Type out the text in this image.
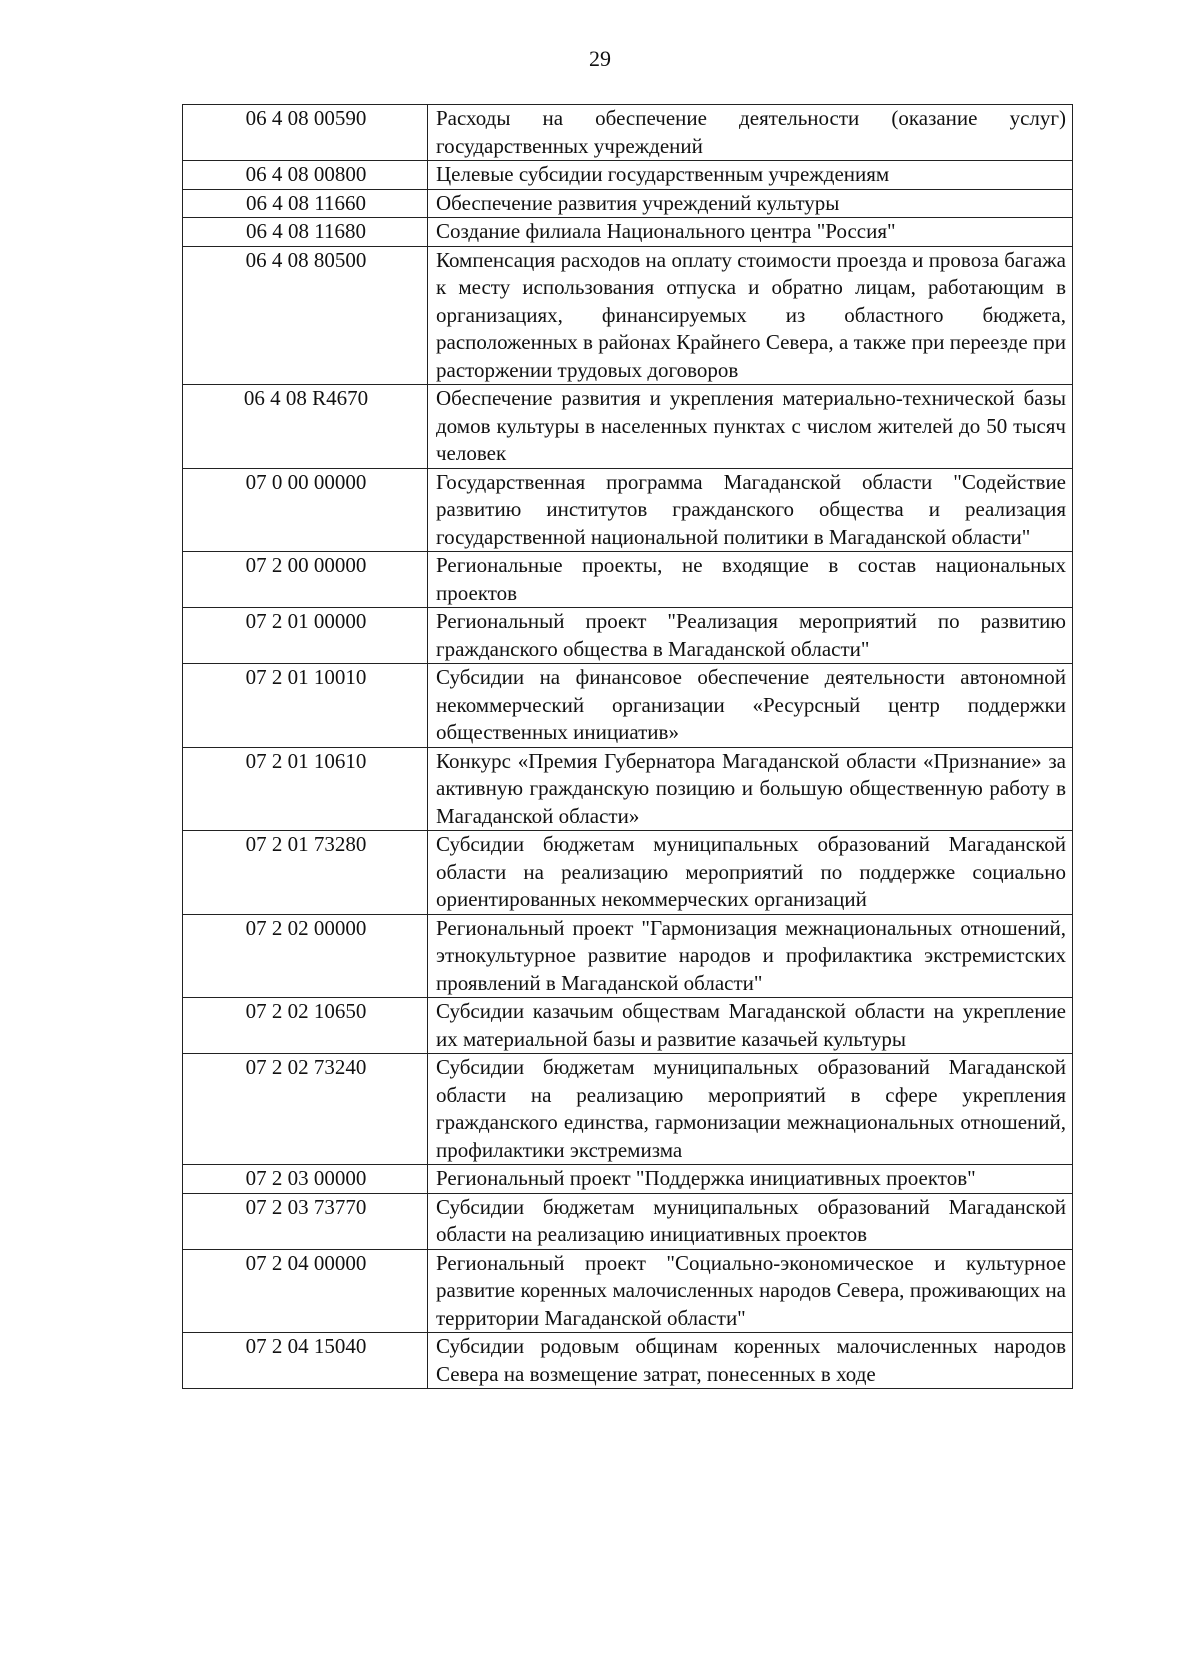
29
06 4 08 00590	Расходы на обеспечение деятельности (оказание услуг) государственных учреждений
06 4 08 00800	Целевые субсидии государственным учреждениям
06 4 08 11660	Обеспечение развития учреждений культуры
06 4 08 11680	Создание филиала Национального центра "Россия"
06 4 08 80500	Компенсация расходов на оплату стоимости проезда и провоза багажа к месту использования отпуска и обратно лицам, работающим в организациях, финансируемых из областного бюджета, расположенных в районах Крайнего Севера, а также при переезде при расторжении трудовых договоров
06 4 08 R4670	Обеспечение развития и укрепления материально-технической базы домов культуры в населенных пунктах с числом жителей до 50 тысяч человек
07 0 00 00000	Государственная программа Магаданской области "Содействие развитию институтов гражданского общества и реализация государственной национальной политики в Магаданской области"
07 2 00 00000	Региональные проекты, не входящие в состав национальных проектов
07 2 01 00000	Региональный проект "Реализация мероприятий по развитию гражданского общества в Магаданской области"
07 2 01 10010	Субсидии на финансовое обеспечение деятельности автономной некоммерческий организации «Ресурсный центр поддержки общественных инициатив»
07 2 01 10610	Конкурс «Премия Губернатора Магаданской области «Признание» за активную гражданскую позицию и большую общественную работу в Магаданской области»
07 2 01 73280	Субсидии бюджетам муниципальных образований Магаданской области на реализацию мероприятий по поддержке социально ориентированных некоммерческих организаций
07 2 02 00000	Региональный проект "Гармонизация межнациональных отношений, этнокультурное развитие народов и профилактика экстремистских проявлений в Магаданской области"
07 2 02 10650	Субсидии казачьим обществам Магаданской области на укрепление их материальной базы и развитие казачьей культуры
07 2 02 73240	Субсидии бюджетам муниципальных образований Магаданской области на реализацию мероприятий в сфере укрепления гражданского единства, гармонизации межнациональных отношений, профилактики экстремизма
07 2 03 00000	Региональный проект "Поддержка инициативных проектов"
07 2 03 73770	Субсидии бюджетам муниципальных образований Магаданской области на реализацию инициативных проектов
07 2 04 00000	Региональный проект "Социально-экономическое и культурное развитие коренных малочисленных народов Севера, проживающих на территории Магаданской области"
07 2 04 15040	Субсидии родовым общинам коренных малочисленных народов Севера на возмещение затрат, понесенных в ходе
